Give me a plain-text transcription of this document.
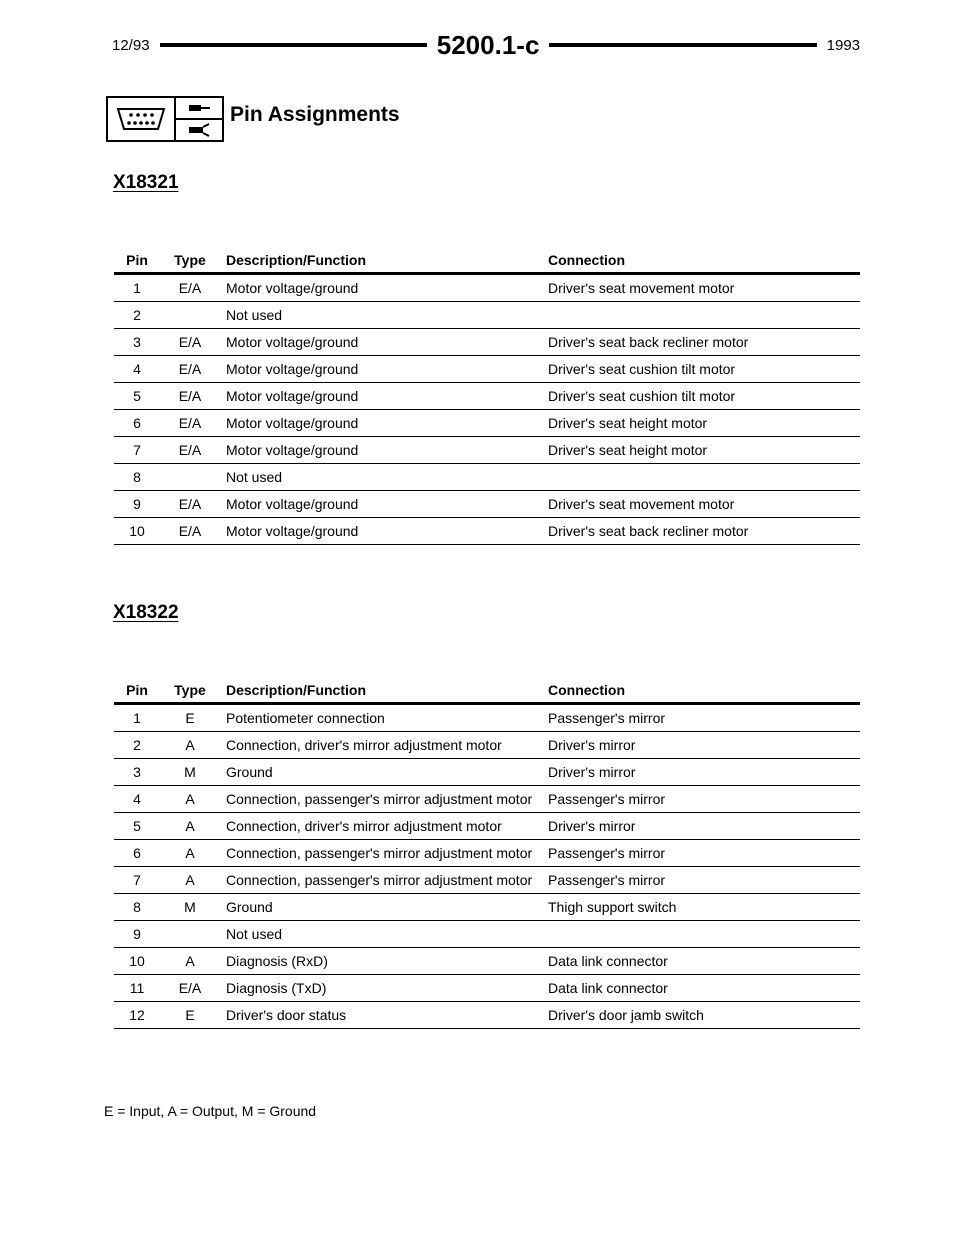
12/93	5200.1-c	1993
Pin Assignments
X18321
Pin	Type	Description/Function	Connection
1	E/A	Motor voltage/ground	Driver's seat movement motor
2		Not used	
3	E/A	Motor voltage/ground	Driver's seat back recliner motor
4	E/A	Motor voltage/ground	Driver's seat cushion tilt motor
5	E/A	Motor voltage/ground	Driver's seat cushion tilt motor
6	E/A	Motor voltage/ground	Driver's seat height motor
7	E/A	Motor voltage/ground	Driver's seat height motor
8		Not used	
9	E/A	Motor voltage/ground	Driver's seat movement motor
10	E/A	Motor voltage/ground	Driver's seat back recliner motor
X18322
Pin	Type	Description/Function	Connection
1	E	Potentiometer connection	Passenger's mirror
2	A	Connection, driver's mirror adjustment motor	Driver's mirror
3	M	Ground	Driver's mirror
4	A	Connection, passenger's mirror adjustment motor	Passenger's mirror
5	A	Connection, driver's mirror adjustment motor	Driver's mirror
6	A	Connection, passenger's mirror adjustment motor	Passenger's mirror
7	A	Connection, passenger's mirror adjustment motor	Passenger's mirror
8	M	Ground	Thigh support switch
9		Not used	
10	A	Diagnosis (RxD)	Data link connector
11	E/A	Diagnosis (TxD)	Data link connector
12	E	Driver's door status	Driver's door jamb switch
E = Input, A = Output, M = Ground
